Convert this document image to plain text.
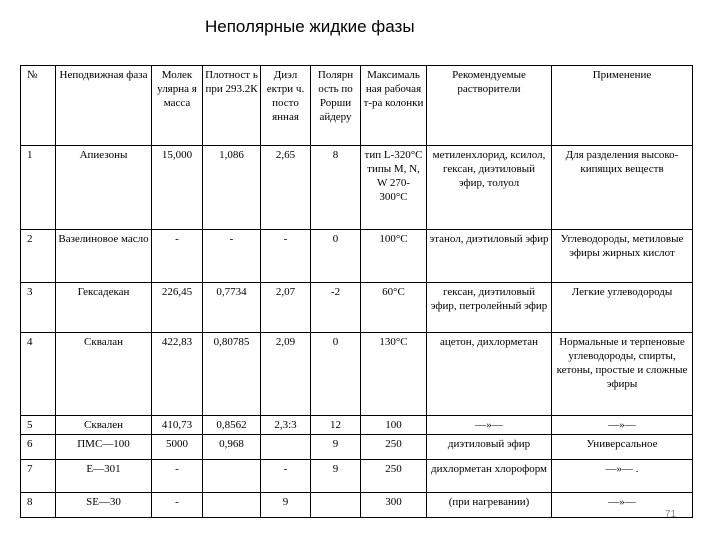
Неполярные жидкие фазы
№	Неподвижная фаза	Молек улярна я масса	Плотност ь при 293.2К	Диэл ектри ч. посто янная	Полярн ость по Рорши айдеру	Максималь ная рабочая т-ра колонки	Рекомендуемые растворители	Применение
1	Апиезоны	15,000	1,086	2,65	8	тип L-320°C типы М, N, W 270-300°C	метиленхлорид, ксилол, гексан, диэтиловый эфир, толуол	Для разделения высоко- кипящих веществ
2	Вазелиновое масло	-	-	-	0	100°С	этанол, диэтиловый эфир	Углеводороды, метиловые эфиры жирных кислот
3	Гексадекан	226,45	0,7734	2,07	-2	60°С	гексан, диэтиловый эфир, петролейный эфир	Легкие углеводороды
4	Сквалан	422,83	0,80785	2,09	0	130°С	ацетон, дихлорметан	Нормальные и терпеновые углеводороды, спирты, кетоны, простые и сложные эфиры
5	Сквален	410,73	0,8562	2,3:3	12	100	—»—	—»—
6	ПМС—100	5000	0,968		9	250	диэтиловый эфир	Универсальное
7	Е—301	-		-	9	250	дихлорметан хлороформ	—»— .
8	SE—30	-		9		300	(при нагревании)	—»—
71
